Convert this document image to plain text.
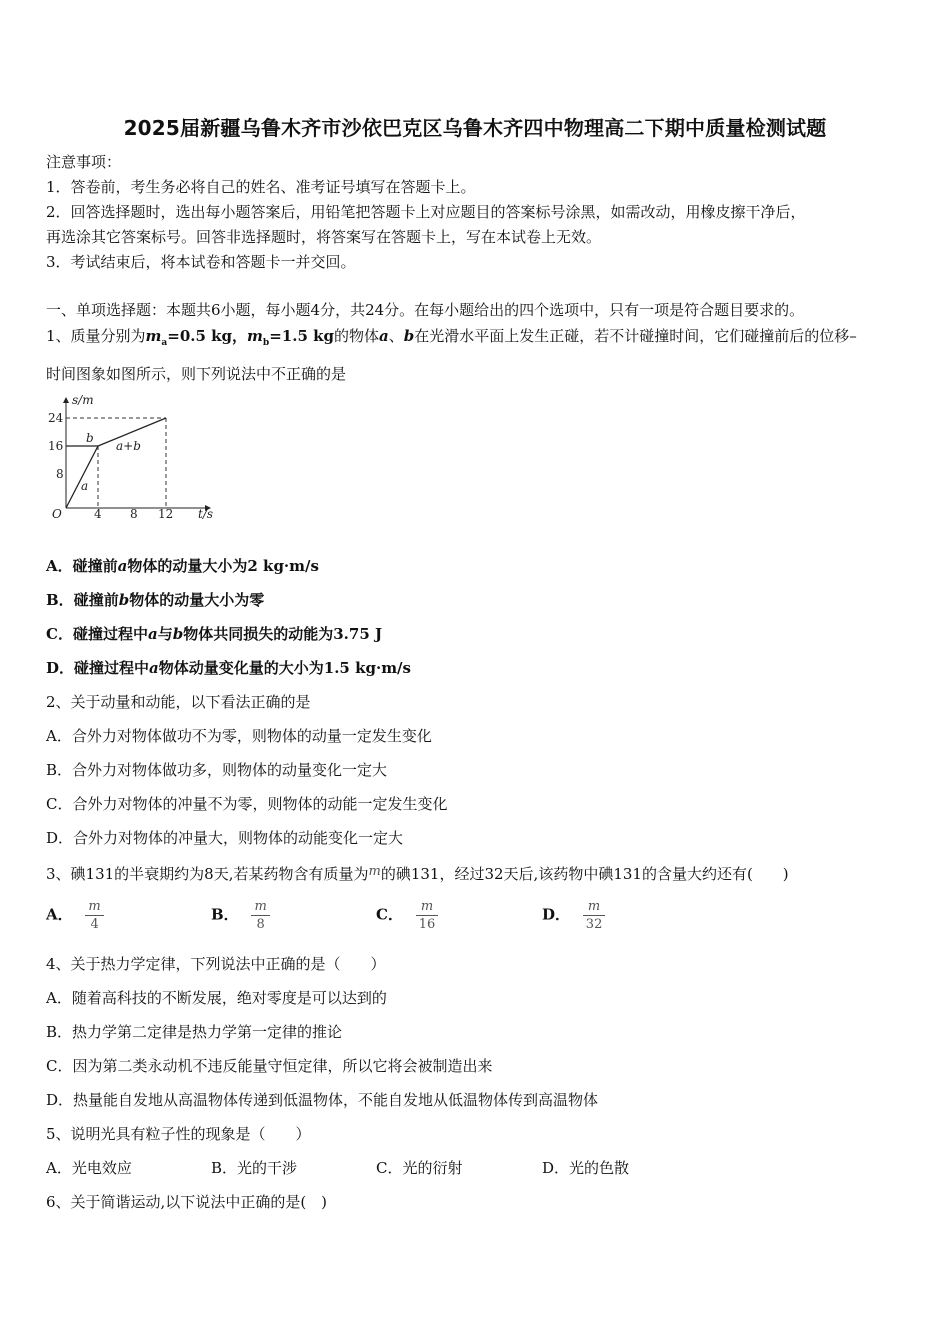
2025届新疆乌鲁木齐市沙依巴克区乌鲁木齐四中物理高二下期中质量检测试题
注意事项：
1．答卷前，考生务必将自己的姓名、准考证号填写在答题卡上。
2．回答选择题时，选出每小题答案后，用铅笔把答题卡上对应题目的答案标号涂黑，如需改动，用橡皮擦干净后，
再选涂其它答案标号。回答非选择题时，将答案写在答题卡上，写在本试卷上无效。
3．考试结束后，将本试卷和答题卡一并交回。
一、单项选择题：本题共6小题，每小题4分，共24分。在每小题给出的四个选项中，只有一项是符合题目要求的。
1、质量分别为$m_a=0.5$ kg，$m_b=1.5$ kg的物体a、b在光滑水平面上发生正碰，若不计碰撞时间，它们碰撞前后的位移–
时间图象如图所示，则下列说法中不正确的是
s/m
24
16
8
O	4 8 12 t/s
a
b
a+b
A．碰撞前a物体的动量大小为2 kg·m/s
B．碰撞前b物体的动量大小为零
C．碰撞过程中a与b物体共同损失的动能为3.75 J
D．碰撞过程中a物体动量变化量的大小为1.5 kg·m/s
2、关于动量和动能，以下看法正确的是
A．合外力对物体做功不为零，则物体的动量一定发生变化
B．合外力对物体做功多，则物体的动量变化一定大
C．合外力对物体的冲量不为零，则物体的动能一定发生变化
D．合外力对物体的冲量大，则物体的动能变化一定大
3、碘131的半衰期约为8天,若某药物含有质量为m的碘131，经过32天后,该药物中碘131的含量大约还有(　　)
A． $\frac{m}{4}$	B． $\frac{m}{8}$	C． $\frac{m}{16}$	D． $\frac{m}{32}$
4、关于热力学定律，下列说法中正确的是（　　）
A．随着高科技的不断发展，绝对零度是可以达到的
B．热力学第二定律是热力学第一定律的推论
C．因为第二类永动机不违反能量守恒定律，所以它将会被制造出来
D．热量能自发地从高温物体传递到低温物体，不能自发地从低温物体传到高温物体
5、说明光具有粒子性的现象是（　　）
A．光电效应	B．光的干涉	C．光的衍射	D．光的色散
6、关于简谐运动,以下说法中正确的是(　)
